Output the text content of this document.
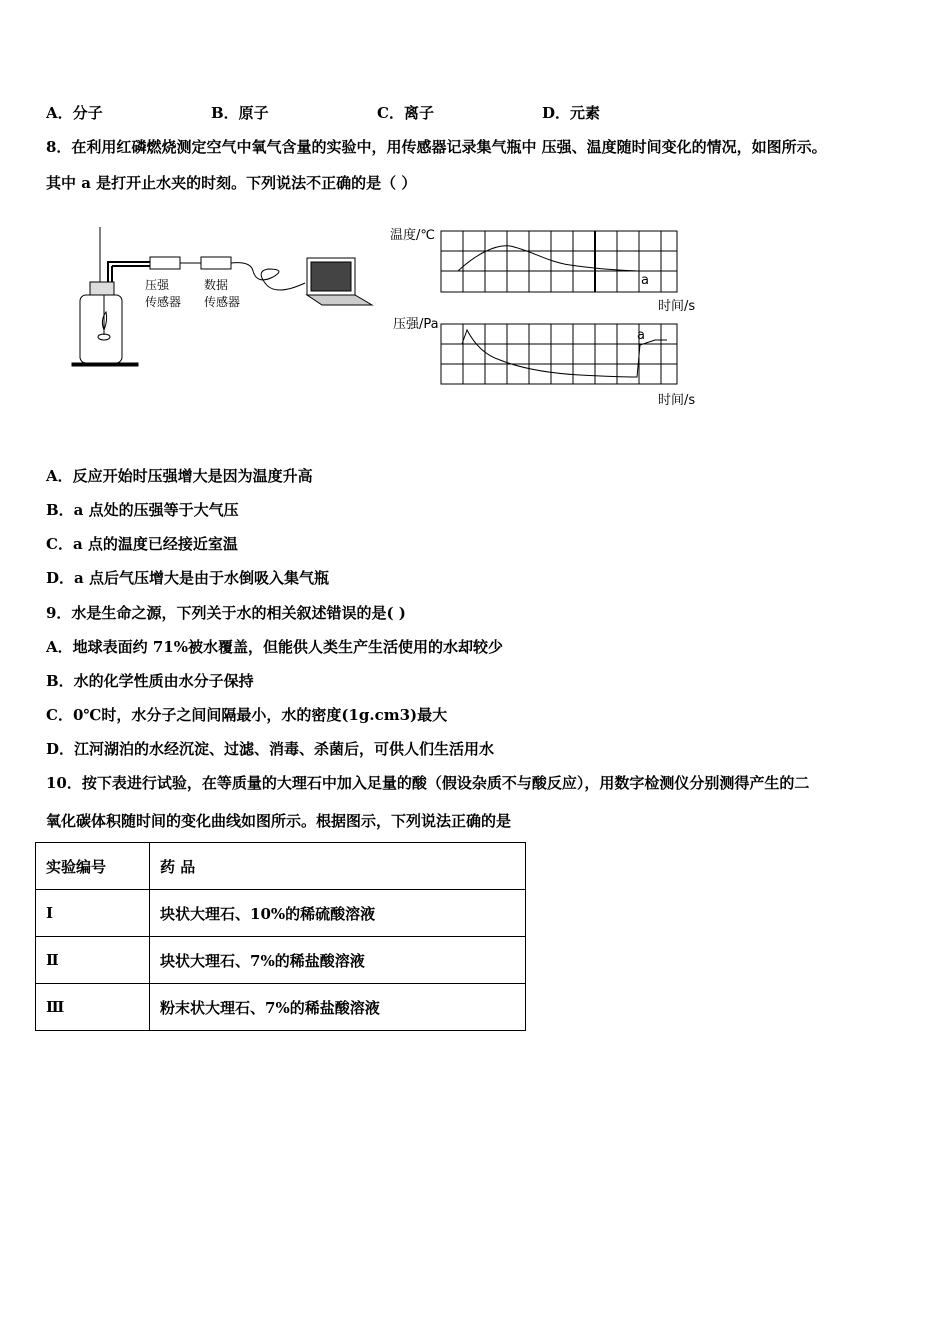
A．分子	B．原子	C．离子	D．元素
8．在利用红磷燃烧测定空气中氧气含量的实验中，用传感器记录集气瓶中 压强、温度随时间变化的情况，如图所示。
其中 a 是打开止水夹的时刻。下列说法不正确的是（ ）
压强
传感器
数据
传感器
温度/℃
a
时间/s
压强/Pa
a
时间/s
A．反应开始时压强增大是因为温度升高
B．a 点处的压强等于大气压
C．a 点的温度已经接近室温
D．a 点后气压增大是由于水倒吸入集气瓶
9．水是生命之源，下列关于水的相关叙述错误的是( )
A．地球表面约 71%被水覆盖，但能供人类生产生活使用的水却较少
B．水的化学性质由水分子保持
C．0℃时，水分子之间间隔最小，水的密度(1g.cm3)最大
D．江河湖泊的水经沉淀、过滤、消毒、杀菌后，可供人们生活用水
10．按下表进行试验，在等质量的大理石中加入足量的酸（假设杂质不与酸反应），用数字检测仪分别测得产生的二
氧化碳体积随时间的变化曲线如图所示。根据图示，下列说法正确的是
实验编号	药 品
Ⅰ	块状大理石、10%的稀硫酸溶液
Ⅱ	块状大理石、7%的稀盐酸溶液
Ⅲ	粉末状大理石、7%的稀盐酸溶液
